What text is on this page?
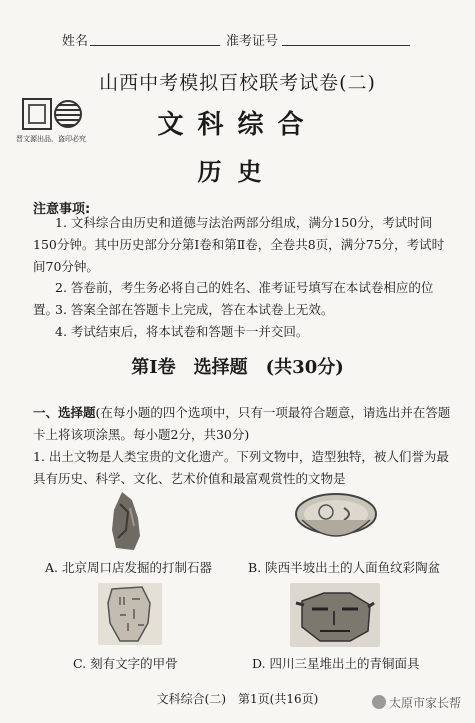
姓名	准考证号
山西中考模拟百校联考试卷(二)
晋文源出品，盗印必究	文科综合
历史
注意事项:
1. 文科综合由历史和道德与法治两部分组成，满分150分，考试时间150分钟。其中历史部分分第Ⅰ卷和第Ⅱ卷，全卷共8页，满分75分，考试时间70分钟。
2. 答卷前，考生务必将自己的姓名、准考证号填写在本试卷相应的位置。
3. 答案全部在答题卡上完成，答在本试卷上无效。
4. 考试结束后，将本试卷和答题卡一并交回。
第Ⅰ卷　选择题　(共30分)
一、选择题(在每小题的四个选项中，只有一项最符合题意，请选出并在答题卡上将该项涂黑。每小题2分，共30分)
1. 出土文物是人类宝贵的文化遗产。下列文物中，造型独特，被人们誉为最具有历史、科学、文化、艺术价值和最富观赏性的文物是
A. 北京周口店发掘的打制石器	B. 陕西半坡出土的人面鱼纹彩陶盆
C. 刻有文字的甲骨	D. 四川三星堆出土的青铜面具
文科综合(二)　第1页(共16页)	太原市家长帮
